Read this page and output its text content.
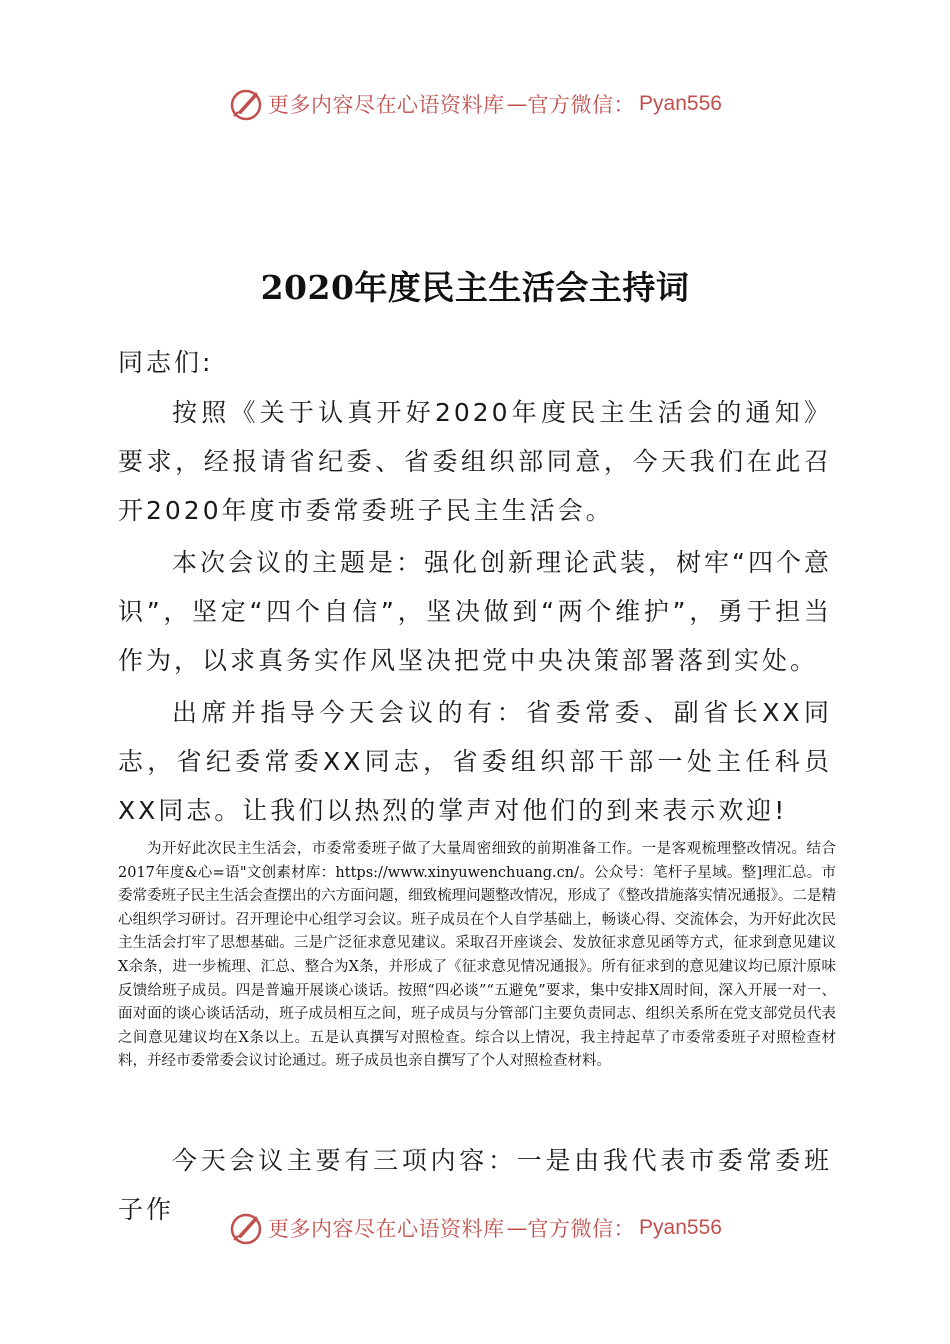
更多内容尽在心语资料库 — 官方微信： Pyan556
2020年度民主生活会主持词

同志们:

按照《关于认真开好2020年度民主生活会的通知》要求，经报请省纪委、省委组织部同意，今天我们在此召开2020年度市委常委班子民主生活会。

本次会议的主题是：强化创新理论武装，树牢“四个意识”，坚定“四个自信”，坚决做到“两个维护”，勇于担当作为，以求真务实作风坚决把党中央决策部署落到实处。

出席并指导今天会议的有：省委常委、副省长XX同志，省纪委常委XX同志，省委组织部干部一处主任科员XX同志。让我们以热烈的掌声对他们的到来表示欢迎!

为开好此次民主生活会，市委常委班子做了大量周密细致的前期准备工作。一是客观梳理整改情况。结合2017年度&心=语"文创素材库：https://www.xinyuwenchuang.cn/。公众号：笔杆子星域。整]理汇总。市委常委班子民主生活会查摆出的六方面问题，细致梳理问题整改情况，形成了《整改措施落实情况通报》。二是精心组织学习研讨。召开理论中心组学习会议。班子成员在个人自学基础上，畅谈心得、交流体会，为开好此次民主生活会打牢了思想基础。三是广泛征求意见建议。采取召开座谈会、发放征求意见函等方式，征求到意见建议X余条，进一步梳理、汇总、整合为X条，并形成了《征求意见情况通报》。所有征求到的意见建议均已原汁原味反馈给班子成员。四是普遍开展谈心谈话。按照“四必谈”“五避免”要求，集中安排X周时间，深入开展一对一、面对面的谈心谈话活动，班子成员相互之间，班子成员与分管部门主要负责同志、组织关系所在党支部党员代表之间意见建议均在X条以上。五是认真撰写对照检查。综合以上情况，我主持起草了市委常委班子对照检查材料，并经市委常委会议讨论通过。班子成员也亲自撰写了个人对照检查材料。

今天会议主要有三项内容：一是由我代表市委常委班子作

更多内容尽在心语资料库 — 官方微信： Pyan556
